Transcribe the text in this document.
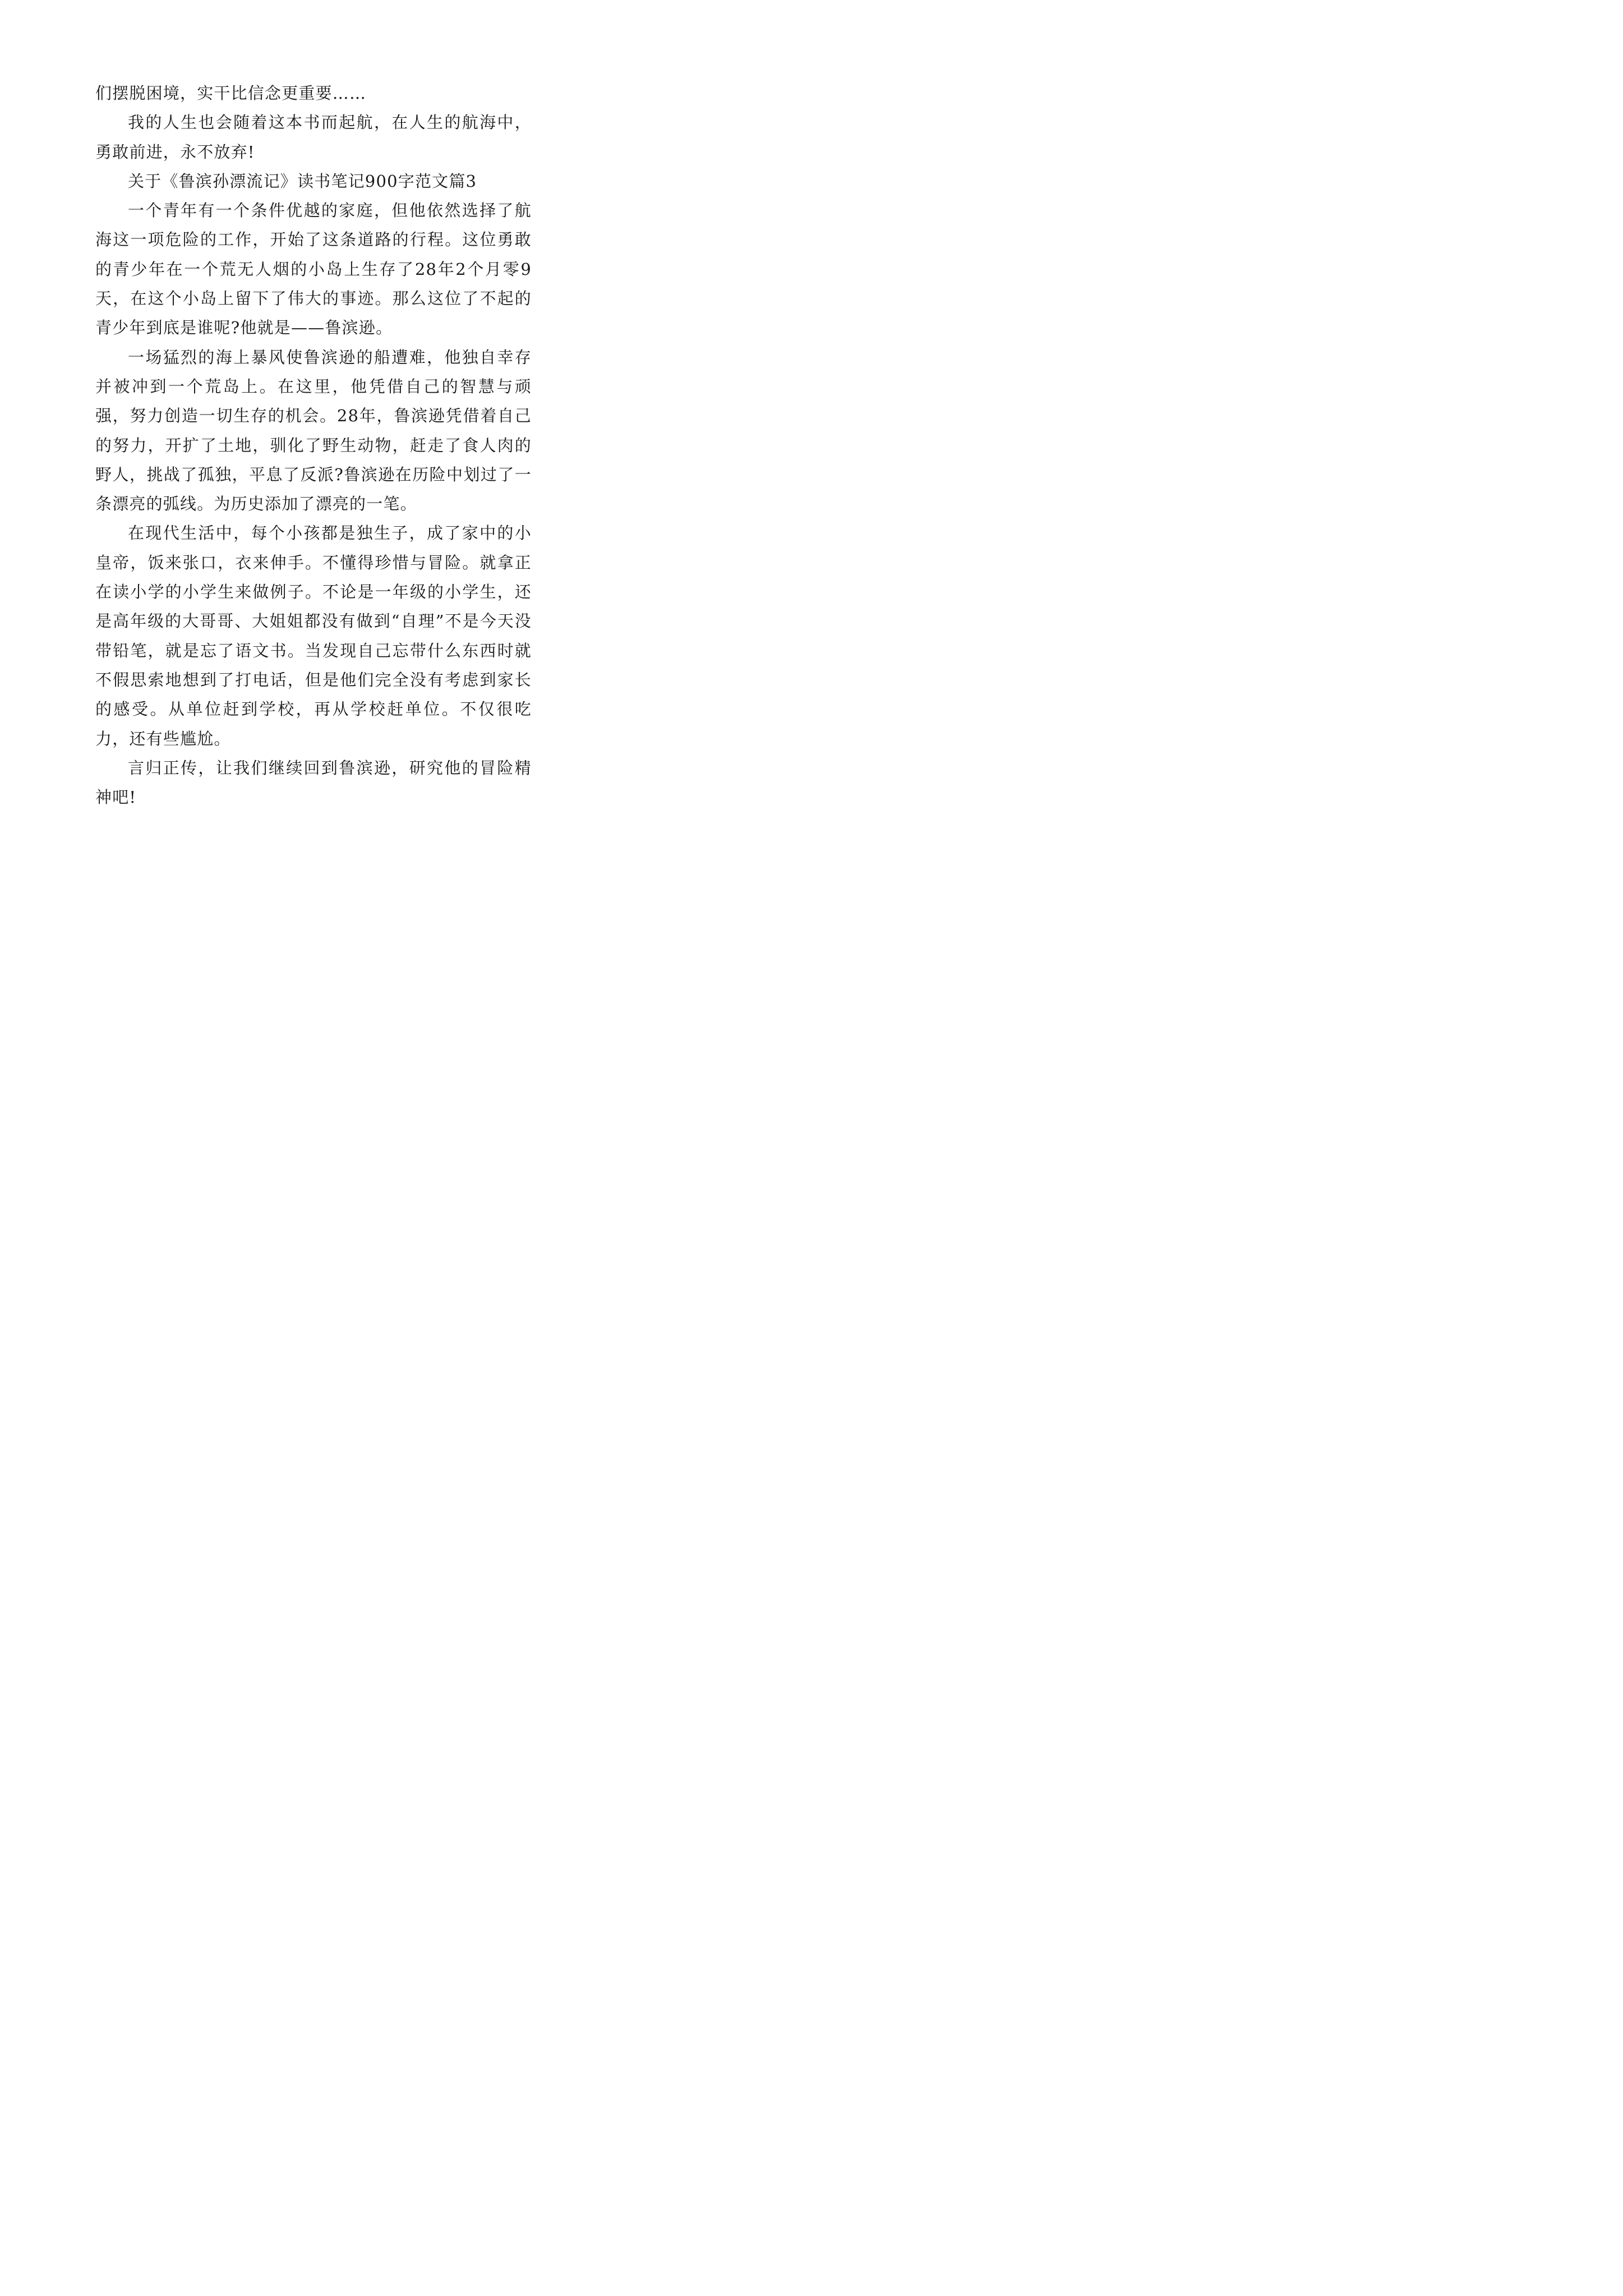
们摆脱困境，实干比信念更重要……

我的人生也会随着这本书而起航，在人生的航海中，勇敢前进，永不放弃!

关于《鲁滨孙漂流记》读书笔记900字范文篇3

一个青年有一个条件优越的家庭，但他依然选择了航海这一项危险的工作，开始了这条道路的行程。这位勇敢的青少年在一个荒无人烟的小岛上生存了28年2个月零9天，在这个小岛上留下了伟大的事迹。那么这位了不起的青少年到底是谁呢?他就是——鲁滨逊。

一场猛烈的海上暴风使鲁滨逊的船遭难，他独自幸存并被冲到一个荒岛上。在这里，他凭借自己的智慧与顽强，努力创造一切生存的机会。28年，鲁滨逊凭借着自己的努力，开扩了土地，驯化了野生动物，赶走了食人肉的野人，挑战了孤独，平息了反派?鲁滨逊在历险中划过了一条漂亮的弧线。为历史添加了漂亮的一笔。

在现代生活中，每个小孩都是独生子，成了家中的小皇帝，饭来张口，衣来伸手。不懂得珍惜与冒险。就拿正在读小学的小学生来做例子。不论是一年级的小学生，还是高年级的大哥哥、大姐姐都没有做到“自理”不是今天没带铅笔，就是忘了语文书。当发现自己忘带什么东西时就不假思索地想到了打电话，但是他们完全没有考虑到家长的感受。从单位赶到学校，再从学校赶单位。不仅很吃力，还有些尴尬。

言归正传，让我们继续回到鲁滨逊，研究他的冒险精神吧!
